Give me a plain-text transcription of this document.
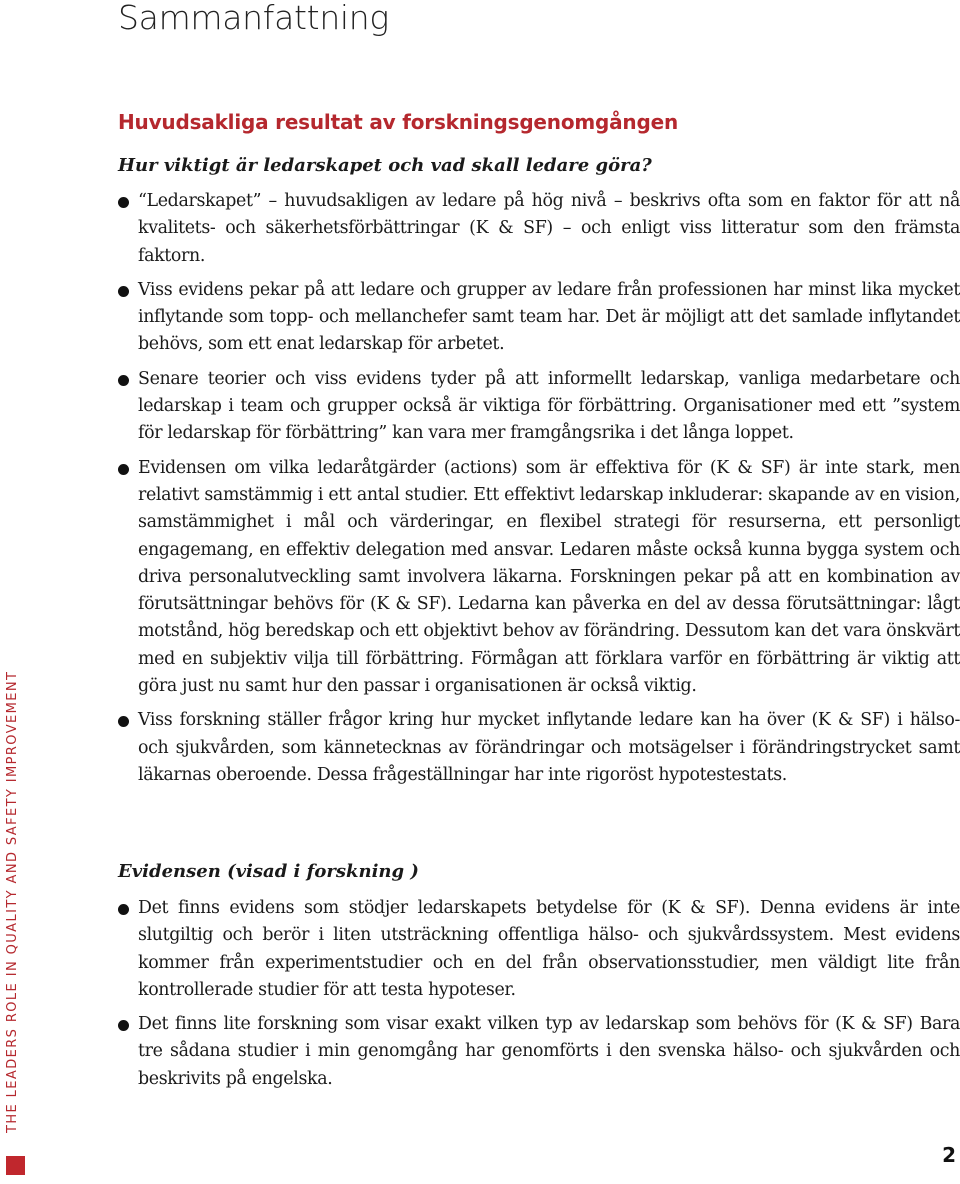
Sammanfattning
Huvudsakliga resultat av forskningsgenomgången
Hur viktigt är ledarskapet och vad skall ledare göra?
“Ledarskapet” – huvudsakligen av ledare på hög nivå – beskrivs ofta som en faktor för att nå kvalitets- och säkerhetsförbättringar (K & SF) – och enligt viss litteratur som den främsta faktorn.
Viss evidens pekar på att ledare och grupper av ledare från professionen har minst lika mycket inflytande som topp- och mellanchefer samt team har. Det är möjligt att det samlade inflytandet behövs, som ett enat ledarskap för arbetet.
Senare teorier och viss evidens tyder på att informellt ledarskap, vanliga medarbetare och ledarskap i team och grupper också är viktiga för förbättring. Organisationer med ett ”system för ledarskap för förbättring” kan vara mer framgångsrika i det långa loppet.
Evidensen om vilka ledaråtgärder (actions) som är effektiva för (K & SF) är inte stark, men relativt samstämmig i ett antal studier. Ett effektivt ledarskap inkluderar: skapande av en vision, samstämmighet i mål och värderingar, en flexibel strategi för resurserna, ett personligt engagemang, en effektiv delegation med ansvar. Ledaren måste också kunna bygga system och driva personalutveckling samt involvera läkarna. Forskningen pekar på att en kombination av förutsättningar behövs för (K & SF). Ledarna kan påverka en del av dessa förutsättningar: lågt motstånd, hög beredskap och ett objektivt behov av förändring. Dessutom kan det vara önskvärt med en subjektiv vilja till förbättring. Förmågan att förklara varför en förbättring är viktig att göra just nu samt hur den passar i organisationen är också viktig.
Viss forskning ställer frågor kring hur mycket inflytande ledare kan ha över (K & SF) i hälso- och sjukvården, som kännetecknas av förändringar och motsägelser i förändringstrycket samt läkarnas oberoende. Dessa frågeställningar har inte rigoröst hypotestestats.
Evidensen (visad i forskning )
Det finns evidens som stödjer ledarskapets betydelse för (K & SF). Denna evidens är inte slutgiltig och berör i liten utsträckning offentliga hälso- och sjukvårdssystem. Mest evidens kommer från experimentstudier och en del från observationsstudier, men väldigt lite från kontrollerade studier för att testa hypoteser.
Det finns lite forskning som visar exakt vilken typ av ledarskap som behövs för (K & SF) Bara tre sådana studier i min genomgång har genomförts i den svenska hälso- och sjukvården och beskrivits på engelska.
THE LEADERS ROLE IN QUALITY AND SAFETY IMPROVEMENT
2
